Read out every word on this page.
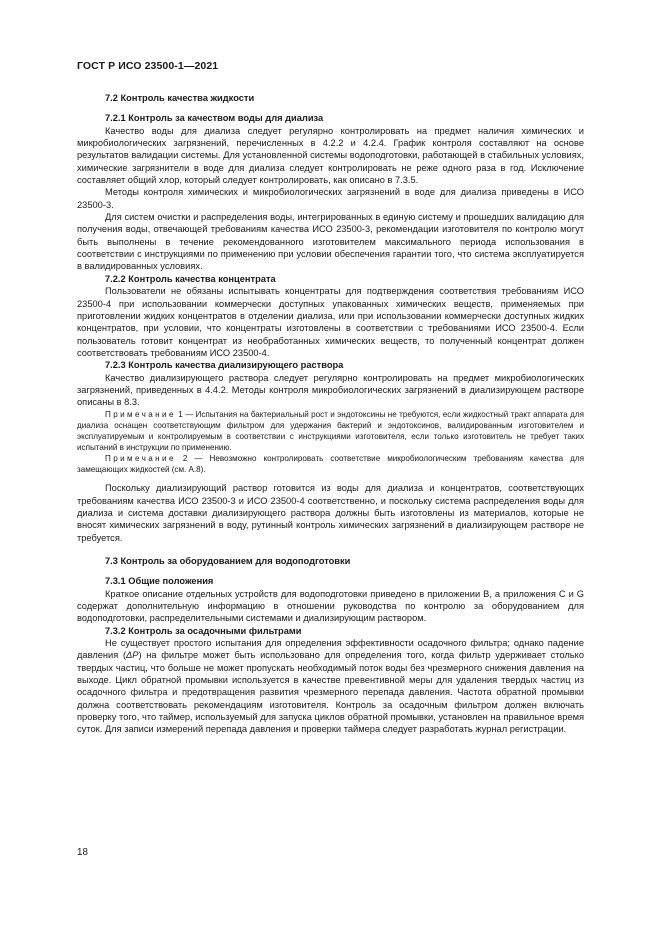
ГОСТ Р ИСО 23500-1—2021
7.2 Контроль качества жидкости
7.2.1 Контроль за качеством воды для диализа

Качество воды для диализа следует регулярно контролировать на предмет наличия химических и микробиологических загрязнений, перечисленных в 4.2.2 и 4.2.4. График контроля составляют на основе результатов валидации системы. Для установленной системы водоподготовки, работающей в стабильных условиях, химические загрязнители в воде для диализа следует контролировать не реже одного раза в год. Исключение составляет общий хлор, который следует контролировать, как описано в 7.3.5.

Методы контроля химических и микробиологических загрязнений в воде для диализа приведены в ИСО 23500-3.

Для систем очистки и распределения воды, интегрированных в единую систему и прошедших валидацию для получения воды, отвечающей требованиям качества ИСО 23500-3, рекомендации изготовителя по контролю могут быть выполнены в течение рекомендованного изготовителем максимального периода использования в соответствии с инструкциями по применению при условии обеспечения гарантии того, что система эксплуатируется в валидированных условиях.

7.2.2 Контроль качества концентрата

Пользователи не обязаны испытывать концентраты для подтверждения соответствия требованиям ИСО 23500-4 при использовании коммерчески доступных упакованных химических веществ, применяемых при приготовлении жидких концентратов в отделении диализа, или при использовании коммерчески доступных жидких концентратов, при условии, что концентраты изготовлены в соответствии с требованиями ИСО 23500-4. Если пользователь готовит концентрат из необработанных химических веществ, то полученный концентрат должен соответствовать требованиям ИСО 23500-4.

7.2.3 Контроль качества диализирующего раствора

Качество диализирующего раствора следует регулярно контролировать на предмет микробиологических загрязнений, приведенных в 4.4.2. Методы контроля микробиологических загрязнений в диализирующем растворе описаны в 8.3.

Примечание 1 — Испытания на бактериальный рост и эндотоксины не требуются, если жидкостный тракт аппарата для диализа оснащен соответствующим фильтром для удержания бактерий и эндотоксинов, валидированным изготовителем и эксплуатируемым и контролируемым в соответствии с инструкциями изготовителя, если только изготовитель не требует таких испытаний в инструкции по применению.

Примечание 2 — Невозможно контролировать соответствие микробиологическим требованиям качества для замещающих жидкостей (см. А.8).

Поскольку диализирующий раствор готовится из воды для диализа и концентратов, соответствующих требованиям качества ИСО 23500-3 и ИСО 23500-4 соответственно, и поскольку система распределения воды для диализа и система доставки диализирующего раствора должны быть изготовлены из материалов, которые не вносят химических загрязнений в воду, рутинный контроль химических загрязнений в диализирующем растворе не требуется.

7.3 Контроль за оборудованием для водоподготовки
7.3.1 Общие положения

Краткое описание отдельных устройств для водоподготовки приведено в приложении В, а приложения С и G содержат дополнительную информацию в отношении руководства по контролю за оборудованием для водоподготовки, распределительными системами и диализирующим раствором.

7.3.2 Контроль за осадочными фильтрами

Не существует простого испытания для определения эффективности осадочного фильтра; однако падение давления (ΔP) на фильтре может быть использовано для определения того, когда фильтр удерживает столько твердых частиц, что больше не может пропускать необходимый поток воды без чрезмерного снижения давления на выходе. Цикл обратной промывки используется в качестве превентивной меры для удаления твердых частиц из осадочного фильтра и предотвращения развития чрезмерного перепада давления. Частота обратной промывки должна соответствовать рекомендациям изготовителя. Контроль за осадочным фильтром должен включать проверку того, что таймер, используемый для запуска циклов обратной промывки, установлен на правильное время суток. Для записи измерений перепада давления и проверки таймера следует разработать журнал регистрации.

18
